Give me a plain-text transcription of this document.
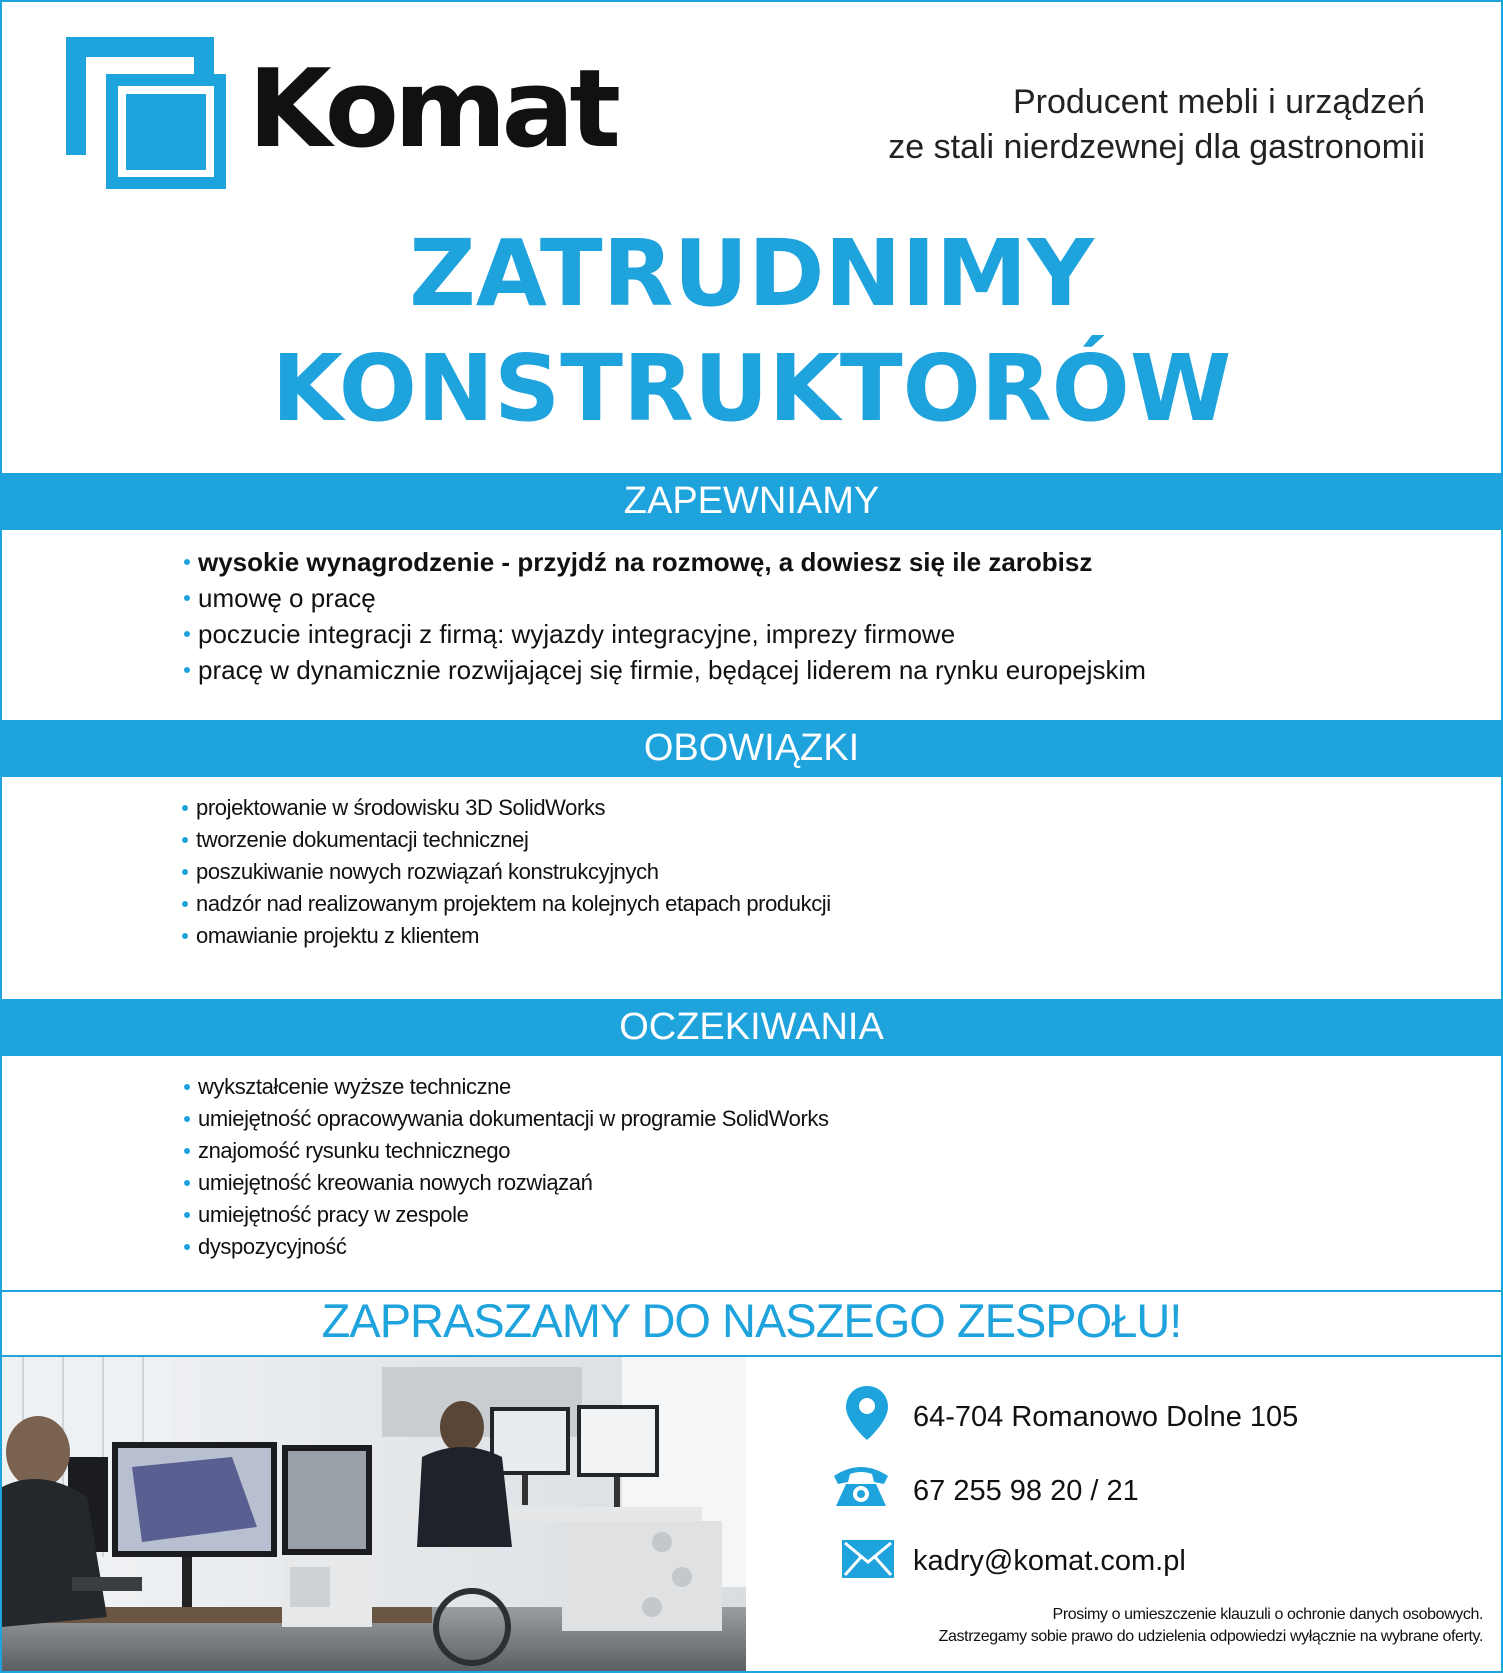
Komat	Producent mebli i urządzeń
ze stali nierdzewnej dla gastronomii
ZATRUDNIMY
KONSTRUKTORÓW
ZAPEWNIAMY
wysokie wynagrodzenie - przyjdź na rozmowę, a dowiesz się ile zarobisz
umowę o pracę
poczucie integracji z firmą: wyjazdy integracyjne, imprezy firmowe
pracę w dynamicznie rozwijającej się firmie, będącej liderem na rynku europejskim
OBOWIĄZKI
projektowanie w środowisku 3D SolidWorks
tworzenie dokumentacji technicznej
poszukiwanie nowych rozwiązań konstrukcyjnych
nadzór nad realizowanym projektem na kolejnych etapach produkcji
omawianie projektu z klientem
OCZEKIWANIA
wykształcenie wyższe techniczne
umiejętność opracowywania dokumentacji w programie SolidWorks
znajomość rysunku technicznego
umiejętność kreowania nowych rozwiązań
umiejętność pracy w zespole
dyspozycyjność
ZAPRASZAMY DO NASZEGO ZESPOŁU!
64-704 Romanowo Dolne 105
67 255 98 20 / 21
kadry@komat.com.pl
Prosimy o umieszczenie klauzuli o ochronie danych osobowych.
Zastrzegamy sobie prawo do udzielenia odpowiedzi wyłącznie na wybrane oferty.
